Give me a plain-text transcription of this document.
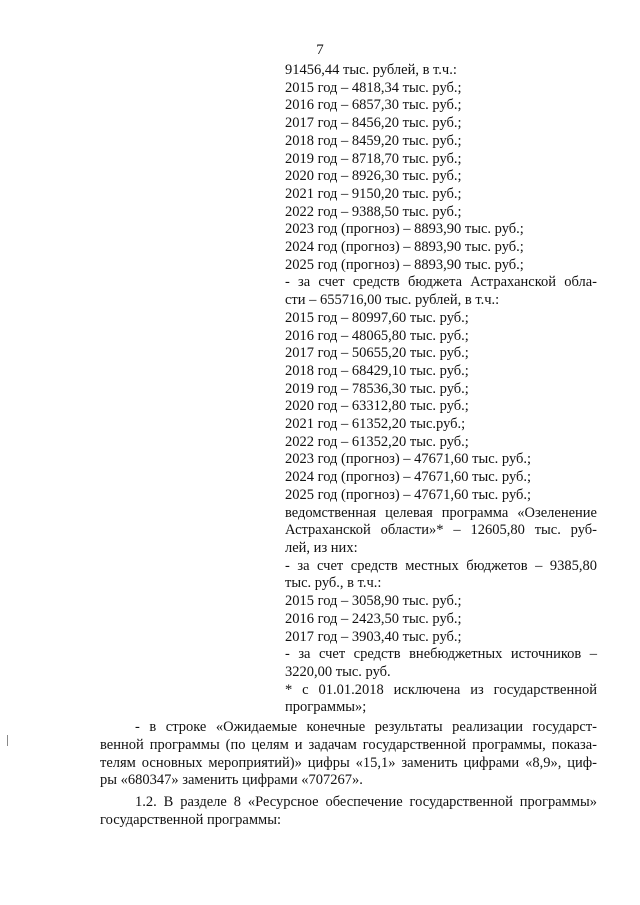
7
91456,44 тыс. рублей, в т.ч.:
2015 год – 4818,34 тыс. руб.;
2016 год – 6857,30 тыс. руб.;
2017 год – 8456,20 тыс. руб.;
2018 год – 8459,20 тыс. руб.;
2019 год – 8718,70 тыс. руб.;
2020 год – 8926,30 тыс. руб.;
2021 год – 9150,20 тыс. руб.;
2022 год – 9388,50 тыс. руб.;
2023 год (прогноз) – 8893,90 тыс. руб.;
2024 год (прогноз) – 8893,90 тыс. руб.;
2025 год (прогноз) – 8893,90 тыс. руб.;
- за счет средств бюджета Астраханской обла-
сти – 655716,00 тыс. рублей, в т.ч.:
2015 год – 80997,60 тыс. руб.;
2016 год – 48065,80 тыс. руб.;
2017 год – 50655,20 тыс. руб.;
2018 год – 68429,10 тыс. руб.;
2019 год – 78536,30 тыс. руб.;
2020 год – 63312,80 тыс. руб.;
2021 год – 61352,20 тыс.руб.;
2022 год – 61352,20 тыс. руб.;
2023 год (прогноз) – 47671,60 тыс. руб.;
2024 год (прогноз) – 47671,60 тыс. руб.;
2025 год (прогноз) – 47671,60 тыс. руб.;
ведомственная целевая программа «Озеленение
Астраханской области»* – 12605,80 тыс. руб-
лей, из них:
- за счет средств местных бюджетов – 9385,80
тыс. руб., в т.ч.:
2015 год – 3058,90 тыс. руб.;
2016 год – 2423,50 тыс. руб.;
2017 год – 3903,40 тыс. руб.;
- за счет средств внебюджетных источников –
3220,00 тыс. руб.
* с 01.01.2018 исключена из государственной
программы»;
- в строке «Ожидаемые конечные результаты реализации государст-
венной программы (по целям и задачам государственной программы, показа-
телям основных мероприятий)» цифры «15,1» заменить цифрами «8,9», циф-
ры «680347» заменить цифрами «707267».
1.2. В разделе 8 «Ресурсное обеспечение государственной программы»
государственной программы:
